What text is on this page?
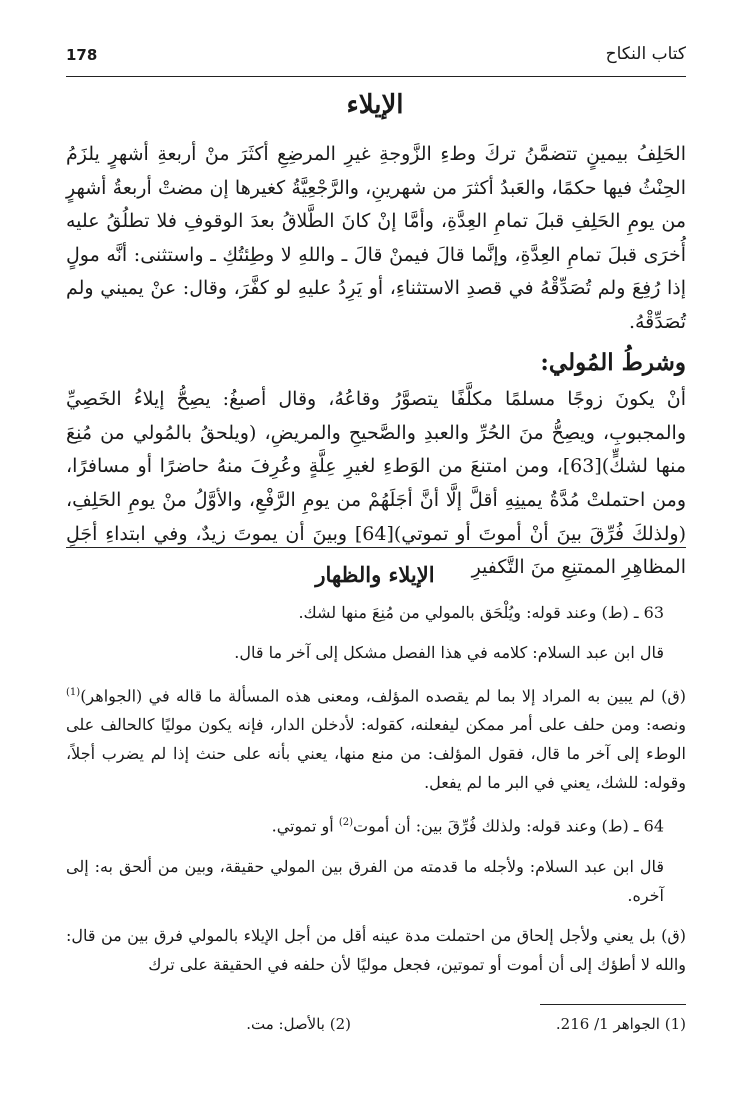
178	كتاب النكاح
الإيلاء

الحَلِفُ بيمينٍ تتضمَّنُ تركَ وطءِ الزَّوجةِ غيرِ المرضِعِ أكثَرَ منْ أربعةِ أشهرٍ يلزَمُ الحِنْثُ فيها حكمًا، والعَبدُ أكثرَ من شهرينِ، والرَّجْعِيَّةُ كغيرها إن مضتْ أربعةُ أشهرٍ من يومِ الحَلِفِ قبلَ تمامِ العِدَّةِ، وأمَّا إنْ كانَ الطَّلاقُ بعدَ الوقوفِ فلا تطلُقُ عليه أُخرَى قبلَ تمامِ العِدَّةِ، وإنَّما قالَ فيمنْ قالَ ـ واللهِ لا وطِئتُكِ ـ واستثنى: أنَّه مولٍ إذا رُفِعَ ولم تُصَدِّقْهُ في قصدِ الاستثناءِ، أو يَرِدُ عليهِ لو كفَّرَ، وقال: عنْ يميني ولم تُصَدِّقْهُ.

وشرطُ المُولي:

أنْ يكونَ زوجًا مسلمًا مكلَّفًا يتصوَّرُ وقاعُهُ، وقال أصبغُ: يصِحُّ إيلاءُ الخَصِيِّ والمجبوبِ، ويصِحُّ منَ الحُرِّ والعبدِ والصَّحيحِ والمريضِ، (ويلحقُ بالمُولي من مُنِعَ منها لشكٍّ)[63]، ومن امتنعَ من الوَطءِ لغيرِ عِلَّةٍ وعُرِفَ منهُ حاضرًا أو مسافرًا، ومن احتملتْ مُدَّةُ يمينِهِ أقلَّ إلَّا أنَّ أجَلَهُمْ من يومِ الرَّفْعِ، والأوَّلُ منْ يومِ الحَلِفِ، (ولذلكَ فُرِّقَ بينَ أنْ أموتَ أو تموتي)[64] وبينَ أن يموتَ زيدٌ، وفي ابتداءِ أجَلِ المظاهِرِ الممتنِعِ منَ التَّكفيرِ

الإيلاء والظهار

63 ـ (ط) وعند قوله: ويُلْحَق بالمولي من مُنِعَ منها لشك.

قال ابن عبد السلام: كلامه في هذا الفصل مشكل إلى آخر ما قال.

(ق) لم يبين به المراد إلا بما لم يقصده المؤلف، ومعنى هذه المسألة ما قاله في (الجواهر)$^{(1)}$ ونصه: ومن حلف على أمر ممكن ليفعلنه، كقوله: لأدخلن الدار، فإنه يكون موليًا كالحالف على الوطء إلى آخر ما قال، فقول المؤلف: من منع منها، يعني بأنه على حنث إذا لم يضرب أجلاً، وقوله: للشك، يعني في البر ما لم يفعل.

64 ـ (ط) وعند قوله: ولذلك فُرِّقَ بين: أن أموت$^{(2)}$ أو تموتي.

قال ابن عبد السلام: ولأجله ما قدمته من الفرق بين المولي حقيقة، وبين من ألحق به: إلى آخره.

(ق) بل يعني ولأجل إلحاق من احتملت مدة عينه أقل من أجل الإيلاء بالمولي فرق بين من قال: والله لا أطؤك إلى أن أموت أو تموتين، فجعل موليًا لأن حلفه في الحقيقة على ترك

(1) الجواهر 1/ 216.
(2) بالأصل: مت.
